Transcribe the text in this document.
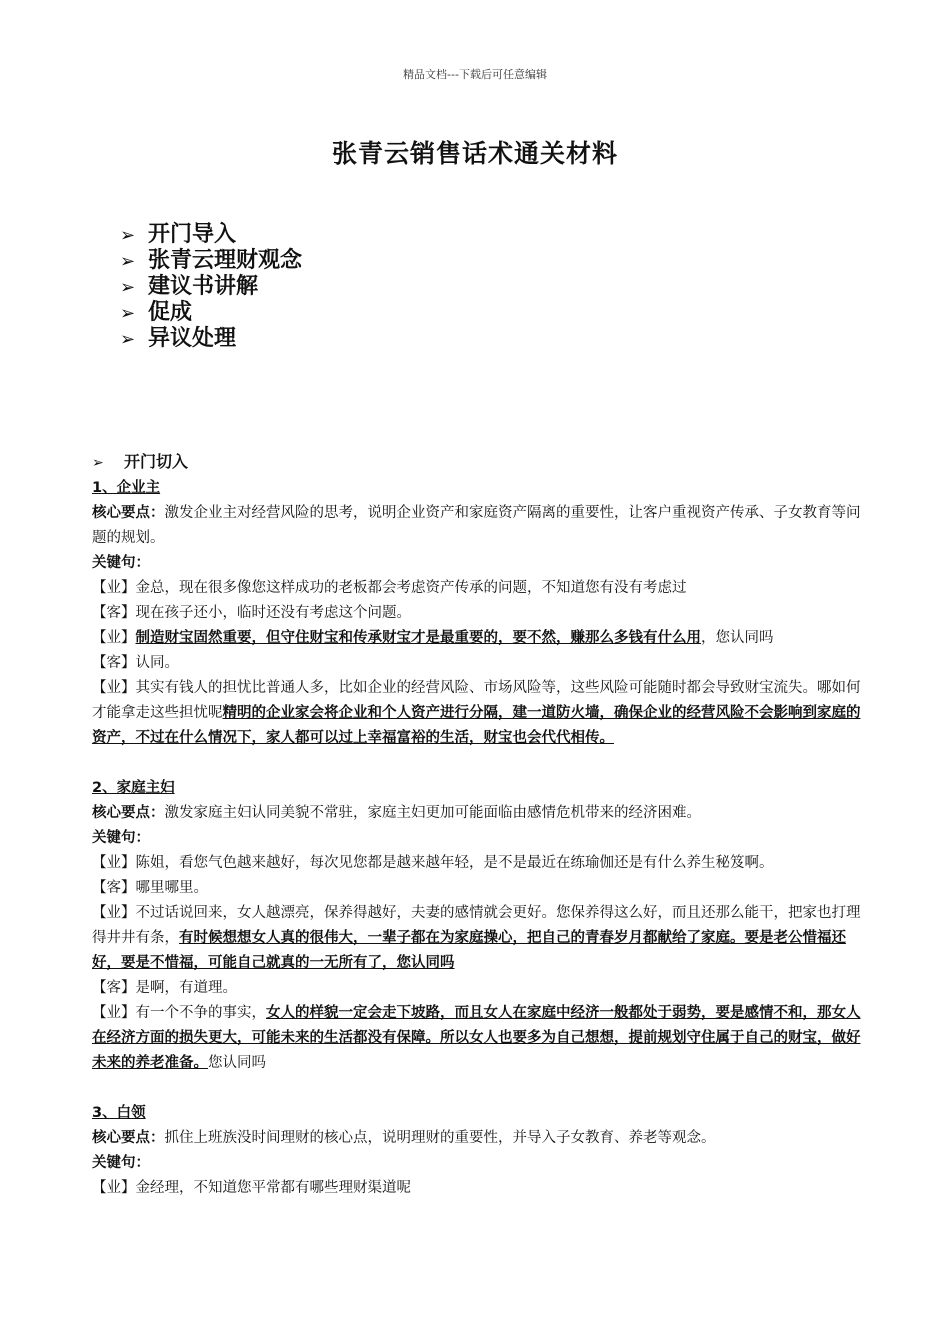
精品文档---下载后可任意编辑
张青云销售话术通关材料
➢ 开门导入
➢ 张青云理财观念
➢ 建议书讲解
➢ 促成
➢ 异议处理

➢ 开门切入

1、企业主

核心要点：激发企业主对经营风险的思考，说明企业资产和家庭资产隔离的重要性，让客户重视资产传承、子女教育等问题的规划。

关键句：

【业】金总，现在很多像您这样成功的老板都会考虑资产传承的问题，不知道您有没有考虑过

【客】现在孩子还小，临时还没有考虑这个问题。

【业】制造财宝固然重要，但守住财宝和传承财宝才是最重要的，要不然，赚那么多钱有什么用，您认同吗

【客】认同。

【业】其实有钱人的担忧比普通人多，比如企业的经营风险、市场风险等，这些风险可能随时都会导致财宝流失。哪如何才能拿走这些担忧呢精明的企业家会将企业和个人资产进行分隔，建一道防火墙，确保企业的经营风险不会影响到家庭的资产，不过在什么情况下，家人都可以过上幸福富裕的生活，财宝也会代代相传。

2、家庭主妇

核心要点：激发家庭主妇认同美貌不常驻，家庭主妇更加可能面临由感情危机带来的经济困难。

关键句：

【业】陈姐，看您气色越来越好，每次见您都是越来越年轻，是不是最近在练瑜伽还是有什么养生秘笈啊。

【客】哪里哪里。

【业】不过话说回来，女人越漂亮，保养得越好，夫妻的感情就会更好。您保养得这么好，而且还那么能干，把家也打理得井井有条，有时候想想女人真的很伟大，一辈子都在为家庭操心，把自己的青春岁月都献给了家庭。要是老公惜福还好，要是不惜福，可能自己就真的一无所有了，您认同吗

【客】是啊，有道理。

【业】有一个不争的事实，女人的样貌一定会走下坡路，而且女人在家庭中经济一般都处于弱势，要是感情不和，那女人在经济方面的损失更大，可能未来的生活都没有保障。所以女人也要多为自己想想，提前规划守住属于自己的财宝，做好未来的养老准备。您认同吗

3、白领

核心要点：抓住上班族没时间理财的核心点，说明理财的重要性，并导入子女教育、养老等观念。

关键句：

【业】金经理，不知道您平常都有哪些理财渠道呢
